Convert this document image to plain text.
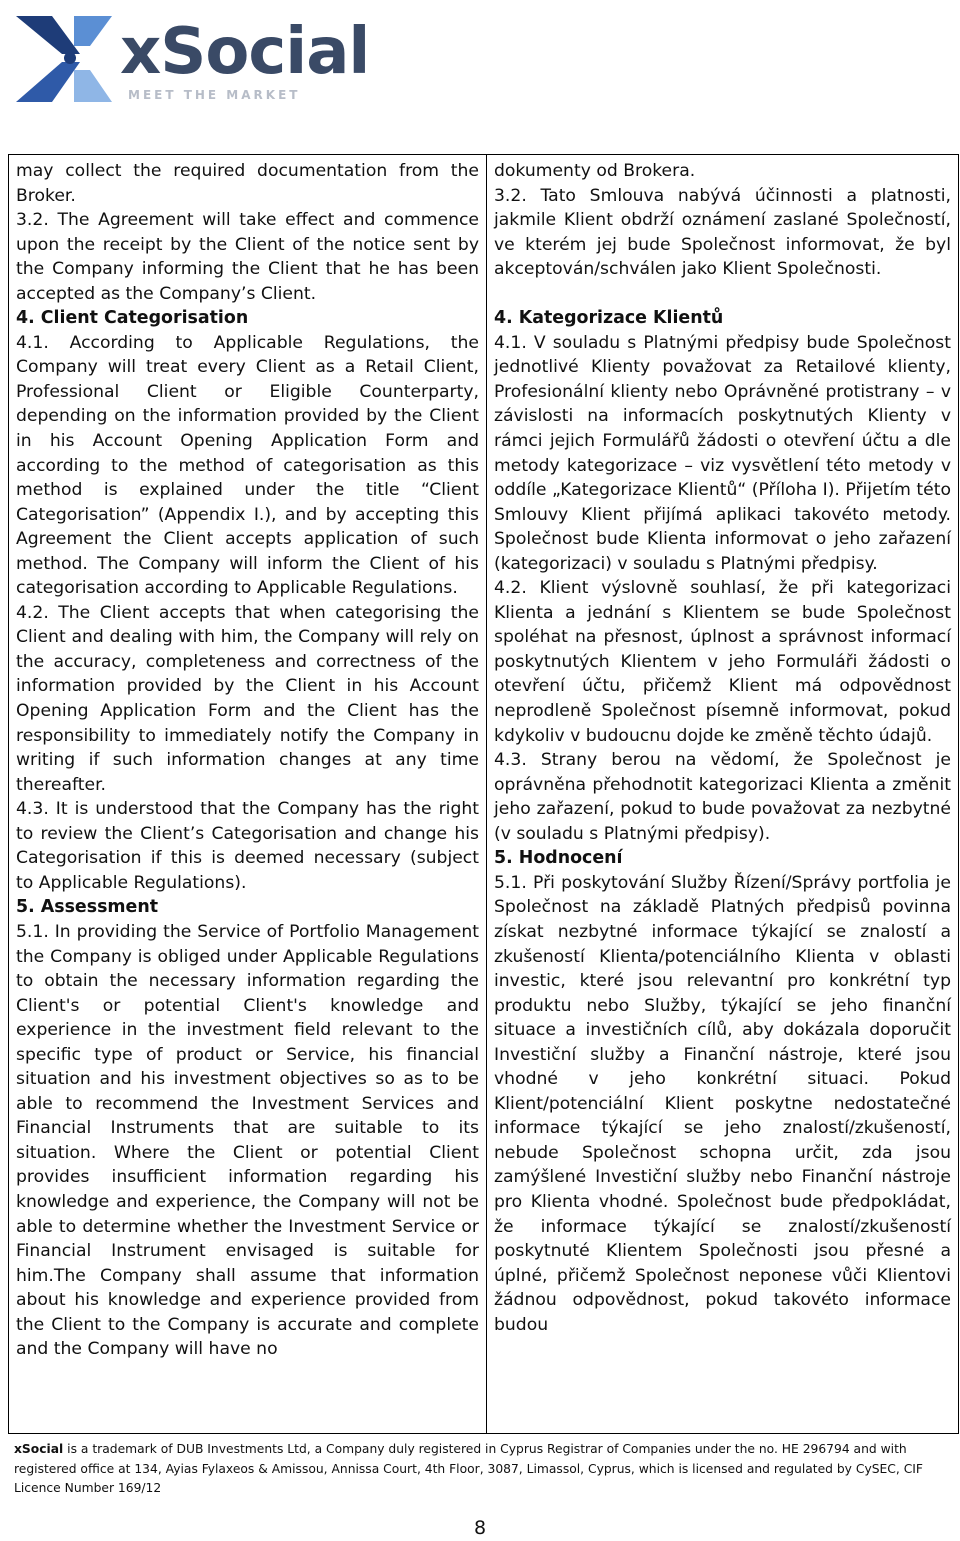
xSocial
MEET THE MARKET

may collect the required documentation from the Broker.

3.2. The Agreement will take effect and commence upon the receipt by the Client of the notice sent by the Company informing the Client that he has been accepted as the Company’s Client.

4. Client Categorisation

4.1. According to Applicable Regulations, the Company will treat every Client as a Retail Client, Professional Client or Eligible Counterparty, depending on the information provided by the Client in his Account Opening Application Form and according to the method of categorisation as this method is explained under the title “Client Categorisation” (Appendix I.), and by accepting this Agreement the Client accepts application of such method. The Company will inform the Client of his categorisation according to Applicable Regulations.

4.2. The Client accepts that when categorising the Client and dealing with him, the Company will rely on the accuracy, completeness and correctness of the information provided by the Client in his Account Opening Application Form and the Client has the responsibility to immediately notify the Company in writing if such information changes at any time thereafter.

4.3. It is understood that the Company has the right to review the Client’s Categorisation and change his Categorisation if this is deemed necessary (subject to Applicable Regulations).

5. Assessment

5.1. In providing the Service of Portfolio Management the Company is obliged under Applicable Regulations to obtain the necessary information regarding the Client's or potential Client's knowledge and experience in the investment field relevant to the specific type of product or Service, his financial situation and his investment objectives so as to be able to recommend the Investment Services and Financial Instruments that are suitable to its situation. Where the Client or potential Client provides insufficient information regarding his knowledge and experience, the Company will not be able to determine whether the Investment Service or Financial Instrument envisaged is suitable for him.The Company shall assume that information about his knowledge and experience provided from the Client to the Company is accurate and complete and the Company will have no

dokumenty od Brokera.

3.2. Tato Smlouva nabývá účinnosti a platnosti, jakmile Klient obdrží oznámení zaslané Společností, ve kterém jej bude Společnost informovat, že byl akceptován/schválen jako Klient Společnosti.

4. Kategorizace Klientů

4.1. V souladu s Platnými předpisy bude Společnost jednotlivé Klienty považovat za Retailové klienty, Profesionální klienty nebo Oprávněné protistrany – v závislosti na informacích poskytnutých Klienty v rámci jejich Formulářů žádosti o otevření účtu a dle metody kategorizace – viz vysvětlení této metody v oddíle „Kategorizace Klientů“ (Příloha I). Přijetím této Smlouvy Klient přijímá aplikaci takovéto metody. Společnost bude Klienta informovat o jeho zařazení (kategorizaci) v souladu s Platnými předpisy.

4.2. Klient výslovně souhlasí, že při kategorizaci Klienta a jednání s Klientem se bude Společnost spoléhat na přesnost, úplnost a správnost informací poskytnutých Klientem v jeho Formuláři žádosti o otevření účtu, přičemž Klient má odpovědnost neprodleně Společnost písemně informovat, pokud kdykoliv v budoucnu dojde ke změně těchto údajů.

4.3. Strany berou na vědomí, že Společnost je oprávněna přehodnotit kategorizaci Klienta a změnit jeho zařazení, pokud to bude považovat za nezbytné (v souladu s Platnými předpisy).

5. Hodnocení

5.1. Při poskytování Služby Řízení/Správy portfolia je Společnost na základě Platných předpisů povinna získat nezbytné informace týkající se znalostí a zkušeností Klienta/potenciálního Klienta v oblasti investic, které jsou relevantní pro konkrétní typ produktu nebo Služby, týkající se jeho finanční situace a investičních cílů, aby dokázala doporučit Investiční služby a Finanční nástroje, které jsou vhodné v jeho konkrétní situaci. Pokud Klient/potenciální Klient poskytne nedostatečné informace týkající se jeho znalostí/zkušeností, nebude Společnost schopna určit, zda jsou zamýšlené Investiční služby nebo Finanční nástroje pro Klienta vhodné. Společnost bude předpokládat, že informace týkající se znalostí/zkušeností poskytnuté Klientem Společnosti jsou přesné a úplné, přičemž Společnost neponese vůči Klientovi žádnou odpovědnost, pokud takovéto informace budou

xSocial is a trademark of DUB Investments Ltd, a Company duly registered in Cyprus Registrar of Companies under the no. HE 296794 and with registered office at 134, Ayias Fylaxeos & Amissou, Annissa Court, 4th Floor, 3087, Limassol, Cyprus, which is licensed and regulated by CySEC, CIF Licence Number 169/12
8
